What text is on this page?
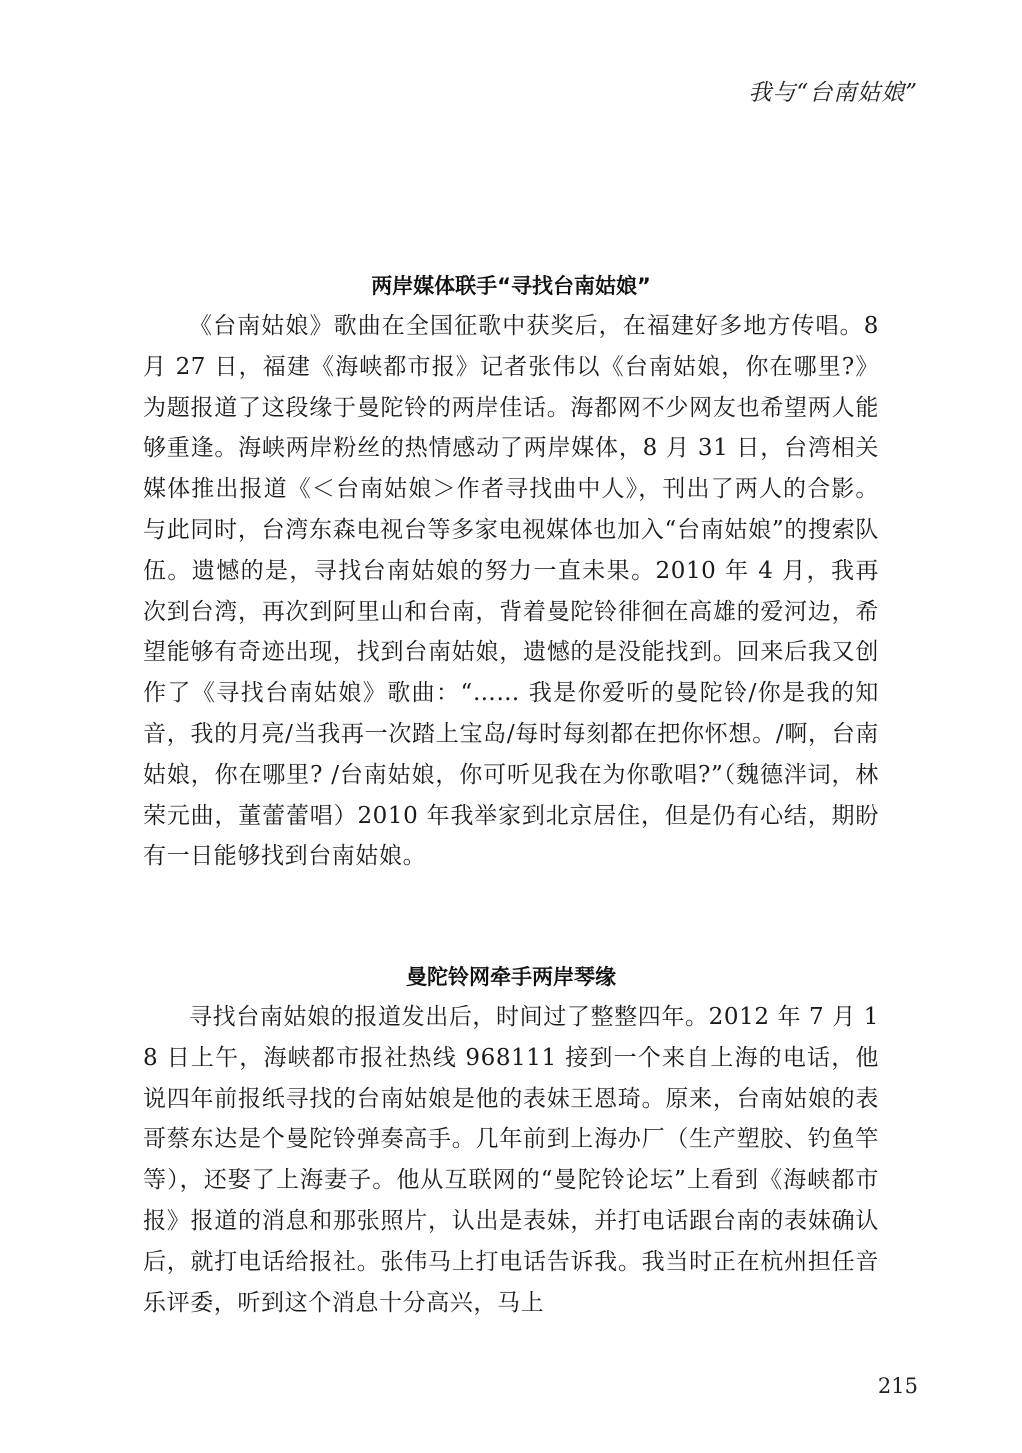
我与“台南姑娘”
两岸媒体联手“寻找台南姑娘”

《台南姑娘》歌曲在全国征歌中获奖后，在福建好多地方传唱。8 月 27 日，福建《海峡都市报》记者张伟以《台南姑娘，你在哪里?》为题报道了这段缘于曼陀铃的两岸佳话。海都网不少网友也希望两人能够重逢。海峡两岸粉丝的热情感动了两岸媒体，8 月 31 日，台湾相关媒体推出报道《＜台南姑娘＞作者寻找曲中人》，刊出了两人的合影。与此同时，台湾东森电视台等多家电视媒体也加入“台南姑娘”的搜索队伍。遗憾的是，寻找台南姑娘的努力一直未果。2010 年 4 月，我再次到台湾，再次到阿里山和台南，背着曼陀铃徘徊在高雄的爱河边，希望能够有奇迹出现，找到台南姑娘，遗憾的是没能找到。回来后我又创作了《寻找台南姑娘》歌曲：“…… 我是你爱听的曼陀铃/你是我的知音，我的月亮/当我再一次踏上宝岛/每时每刻都在把你怀想。/啊，台南姑娘，你在哪里? /台南姑娘，你可听见我在为你歌唱?”（魏德泮词，林荣元曲，董蕾蕾唱）2010 年我举家到北京居住，但是仍有心结，期盼有一日能够找到台南姑娘。

曼陀铃网牵手两岸琴缘

寻找台南姑娘的报道发出后，时间过了整整四年。2012 年 7 月 18 日上午，海峡都市报社热线 968111 接到一个来自上海的电话，他说四年前报纸寻找的台南姑娘是他的表妹王恩琦。原来，台南姑娘的表哥蔡东达是个曼陀铃弹奏高手。几年前到上海办厂（生产塑胶、钓鱼竿等），还娶了上海妻子。他从互联网的“曼陀铃论坛”上看到《海峡都市报》报道的消息和那张照片，认出是表妹，并打电话跟台南的表妹确认后，就打电话给报社。张伟马上打电话告诉我。我当时正在杭州担任音乐评委，听到这个消息十分高兴，马上

215
